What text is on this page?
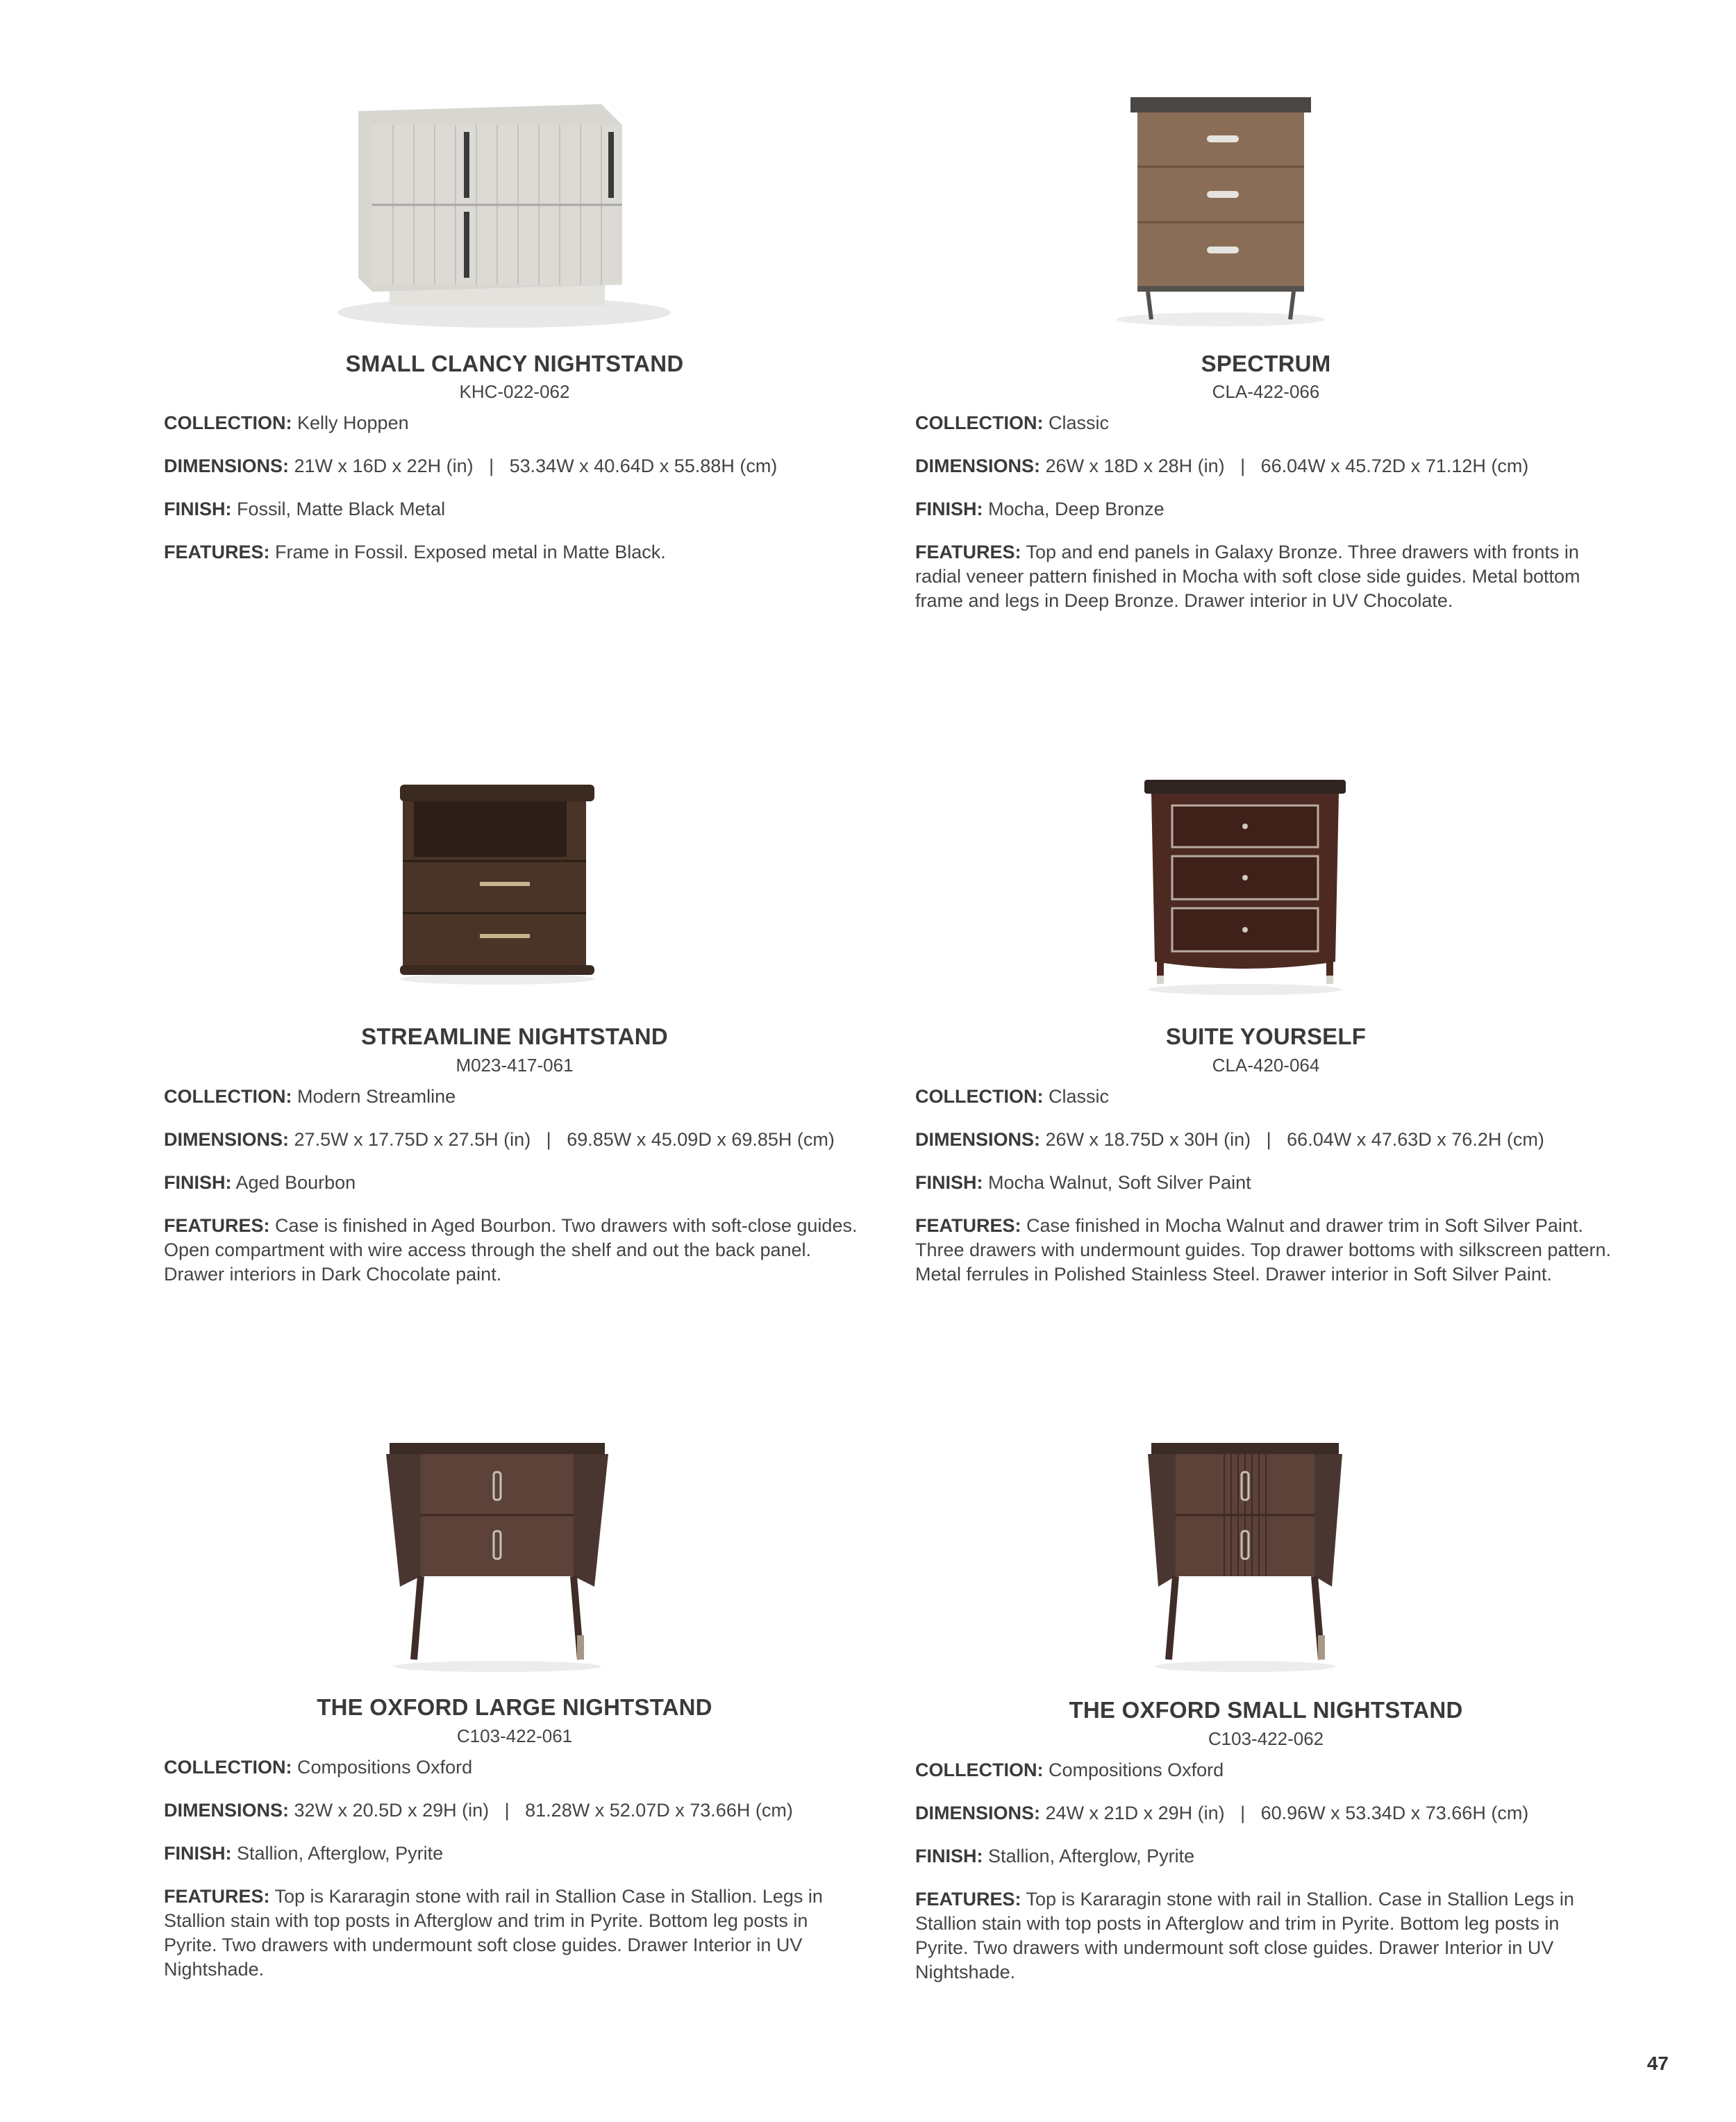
SMALL CLANCY NIGHTSTAND
KHC-022-062
COLLECTION: Kelly Hoppen
DIMENSIONS: 21W x 16D x 22H (in)   |   53.34W x 40.64D x 55.88H (cm)
FINISH: Fossil, Matte Black Metal
FEATURES: Frame in Fossil. Exposed metal in Matte Black.
SPECTRUM
CLA-422-066
COLLECTION: Classic
DIMENSIONS: 26W x 18D x 28H (in)   |   66.04W x 45.72D x 71.12H (cm)
FINISH: Mocha, Deep Bronze
FEATURES: Top and end panels in Galaxy Bronze. Three drawers with fronts in radial veneer pattern finished in Mocha with soft close side guides. Metal bottom frame and legs in Deep Bronze. Drawer interior in UV Chocolate.
STREAMLINE NIGHTSTAND
M023-417-061
COLLECTION: Modern Streamline
DIMENSIONS: 27.5W x 17.75D x 27.5H (in)   |   69.85W x 45.09D x 69.85H (cm)
FINISH: Aged Bourbon
FEATURES: Case is finished in Aged Bourbon. Two drawers with soft-close guides. Open compartment with wire access through the shelf and out the back panel. Drawer interiors in Dark Chocolate paint.
SUITE YOURSELF
CLA-420-064
COLLECTION: Classic
DIMENSIONS: 26W x 18.75D x 30H (in)   |   66.04W x 47.63D x 76.2H (cm)
FINISH: Mocha Walnut, Soft Silver Paint
FEATURES: Case finished in Mocha Walnut and drawer trim in Soft Silver Paint. Three drawers with undermount guides. Top drawer bottoms with silkscreen pattern. Metal ferrules in Polished Stainless Steel. Drawer interior in Soft Silver Paint.
THE OXFORD LARGE NIGHTSTAND
C103-422-061
COLLECTION: Compositions Oxford
DIMENSIONS: 32W x 20.5D x 29H (in)   |   81.28W x 52.07D x 73.66H (cm)
FINISH: Stallion, Afterglow, Pyrite
FEATURES: Top is Kararagin stone with rail in Stallion Case in Stallion. Legs in Stallion stain with top posts in Afterglow and trim in Pyrite. Bottom leg posts in Pyrite. Two drawers with undermount soft close guides. Drawer Interior in UV Nightshade.
THE OXFORD SMALL NIGHTSTAND
C103-422-062
COLLECTION: Compositions Oxford
DIMENSIONS: 24W x 21D x 29H (in)   |   60.96W x 53.34D x 73.66H (cm)
FINISH: Stallion, Afterglow, Pyrite
FEATURES: Top is Kararagin stone with rail in Stallion. Case in Stallion Legs in Stallion stain with top posts in Afterglow and trim in Pyrite. Bottom leg posts in Pyrite. Two drawers with undermount soft close guides. Drawer Interior in UV Nightshade.
47
